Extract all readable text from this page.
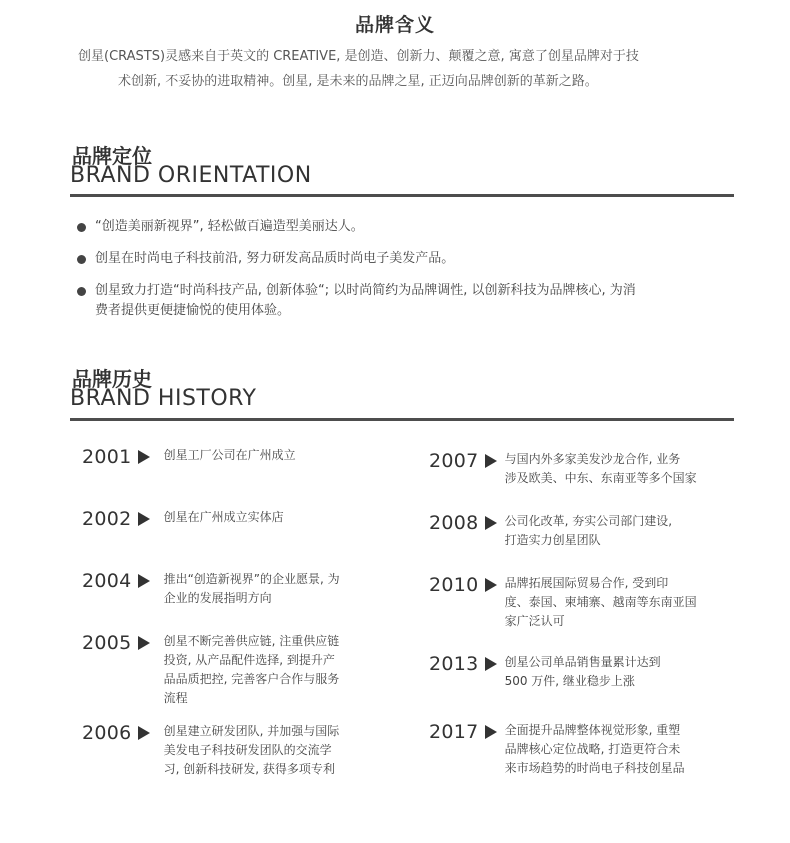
品牌含义
创星(CRASTS)灵感来自于英文的 CREATIVE, 是创造、创新力、颠覆之意, 寓意了创星品牌对于技
术创新, 不妥协的进取精神。创星, 是未来的品牌之星, 正迈向品牌创新的革新之路。
品牌定位
BRAND ORIENTATION
“创造美丽新视界”, 轻松做百遍造型美丽达人。
创星在时尚电子科技前沿, 努力研发高品质时尚电子美发产品。
创星致力打造“时尚科技产品, 创新体验“; 以时尚简约为品牌调性, 以创新科技为品牌核心, 为消
费者提供更便捷愉悦的使用体验。
品牌历史
BRAND HISTORY
2001	创星工厂公司在广州成立
2002	创星在广州成立实体店
2004	推出“创造新视界”的企业愿景, 为
企业的发展指明方向
2005	创星不断完善供应链, 注重供应链
投资, 从产品配件选择, 到提升产
品品质把控, 完善客户合作与服务
流程
2006	创星建立研发团队, 并加强与国际
美发电子科技研发团队的交流学
习, 创新科技研发, 获得多项专利
2007 与国内外多家美发沙龙合作, 业务
涉及欧美、中东、东南亚等多个国家
2008 公司化改革, 夯实公司部门建设,
打造实力创星团队
2010 品牌拓展国际贸易合作, 受到印
度、泰国、柬埔寨、越南等东南亚国
家广泛认可
2013 创星公司单品销售量累计达到
500 万件, 继业稳步上涨
2017 全面提升品牌整体视觉形象, 重塑
品牌核心定位战略, 打造更符合未
来市场趋势的时尚电子科技创星品
